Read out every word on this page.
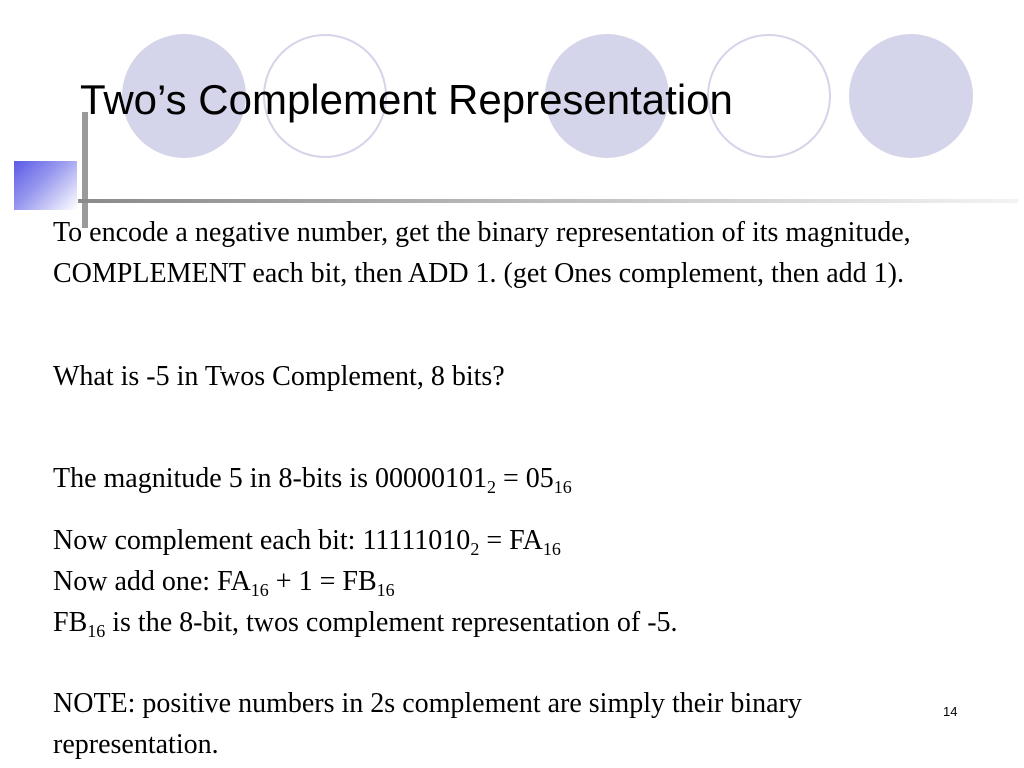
Two’s Complement Representation

To encode a negative number, get the binary representation of its magnitude, COMPLEMENT each bit, then ADD 1. (get Ones complement, then add 1).

What is -5 in Twos Complement, 8 bits?

The magnitude 5 in 8-bits is $00000101_2 = 05_{16}$

Now complement each bit: $11111010_2 = FA_{16}$
Now add one: $FA_{16} + 1 = FB_{16}$
$FB_{16}$ is the 8-bit, twos complement representation of -5.

NOTE: positive numbers in 2s complement are simply their binary representation.

14
